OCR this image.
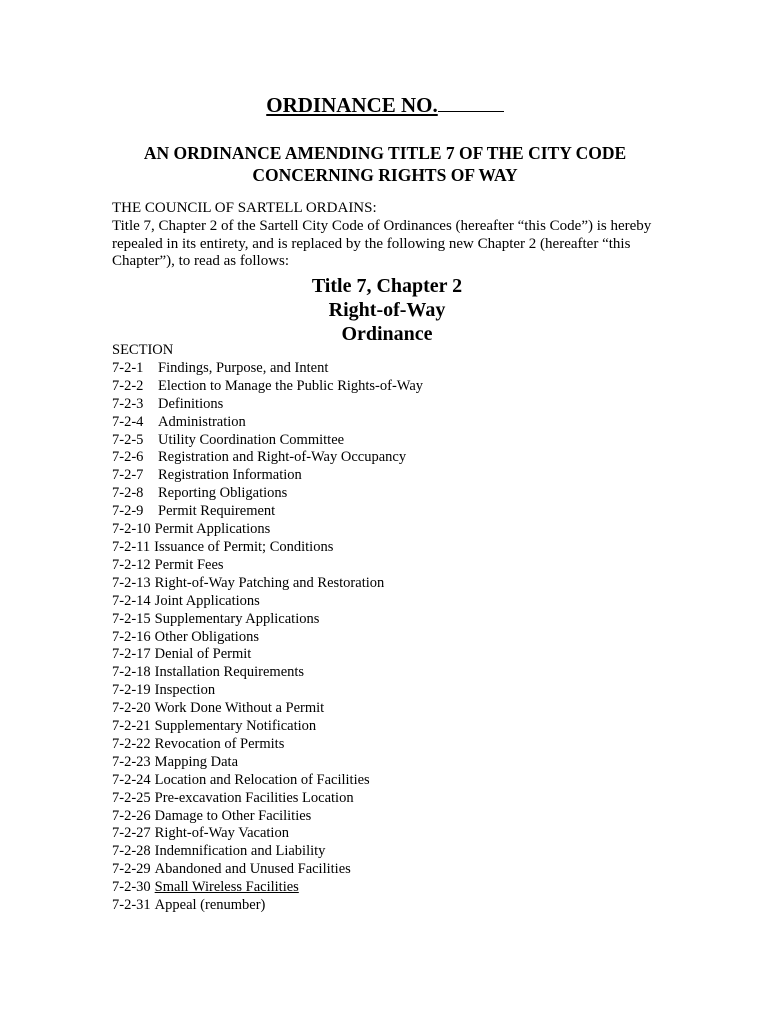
ORDINANCE NO.
AN ORDINANCE AMENDING TITLE 7 OF THE CITY CODE
CONCERNING RIGHTS OF WAY

THE COUNCIL OF SARTELL ORDAINS:

Title 7, Chapter 2 of the Sartell City Code of Ordinances (hereafter “this Code”) is hereby repealed in its entirety, and is replaced by the following new Chapter 2 (hereafter “this Chapter”), to read as follows:

Title 7, Chapter 2
Right-of-Way
Ordinance
SECTION
7-2-1 Findings, Purpose, and Intent
7-2-2 Election to Manage the Public Rights-of-Way
7-2-3 Definitions
7-2-4 Administration
7-2-5 Utility Coordination Committee
7-2-6 Registration and Right-of-Way Occupancy
7-2-7 Registration Information
7-2-8 Reporting Obligations
7-2-9 Permit Requirement
7-2-10 Permit Applications
7-2-11 Issuance of Permit; Conditions
7-2-12 Permit Fees
7-2-13 Right-of-Way Patching and Restoration
7-2-14 Joint Applications
7-2-15 Supplementary Applications
7-2-16 Other Obligations
7-2-17 Denial of Permit
7-2-18 Installation Requirements
7-2-19 Inspection
7-2-20 Work Done Without a Permit
7-2-21 Supplementary Notification
7-2-22 Revocation of Permits
7-2-23 Mapping Data
7-2-24 Location and Relocation of Facilities
7-2-25 Pre-excavation Facilities Location
7-2-26 Damage to Other Facilities
7-2-27 Right-of-Way Vacation
7-2-28 Indemnification and Liability
7-2-29 Abandoned and Unused Facilities
7-2-30 Small Wireless Facilities
7-2-31 Appeal (renumber)
